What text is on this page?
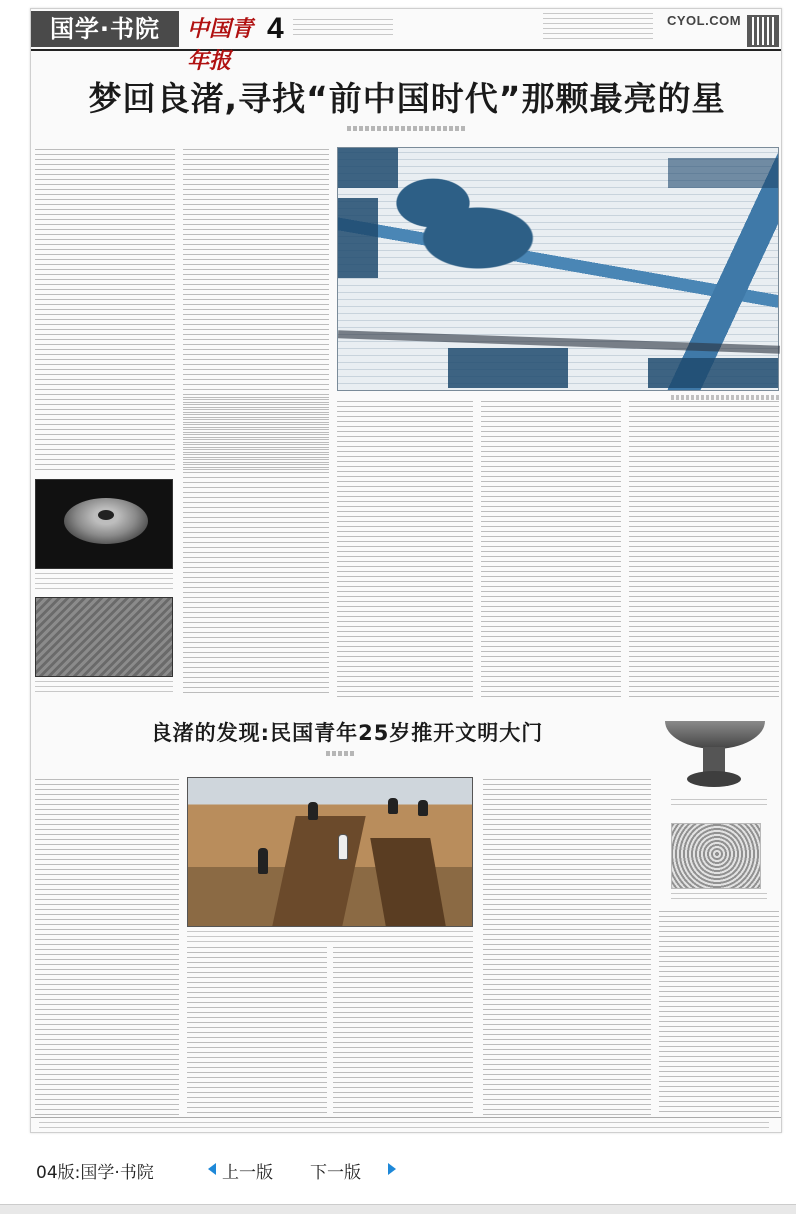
国学·书院	中国青年报
4	CYOL.COM
梦回良渚,寻找“前中国时代”那颗最亮的星
良渚的发现:民国青年25岁推开文明大门
04版:国学·书院	上一版 下一版
